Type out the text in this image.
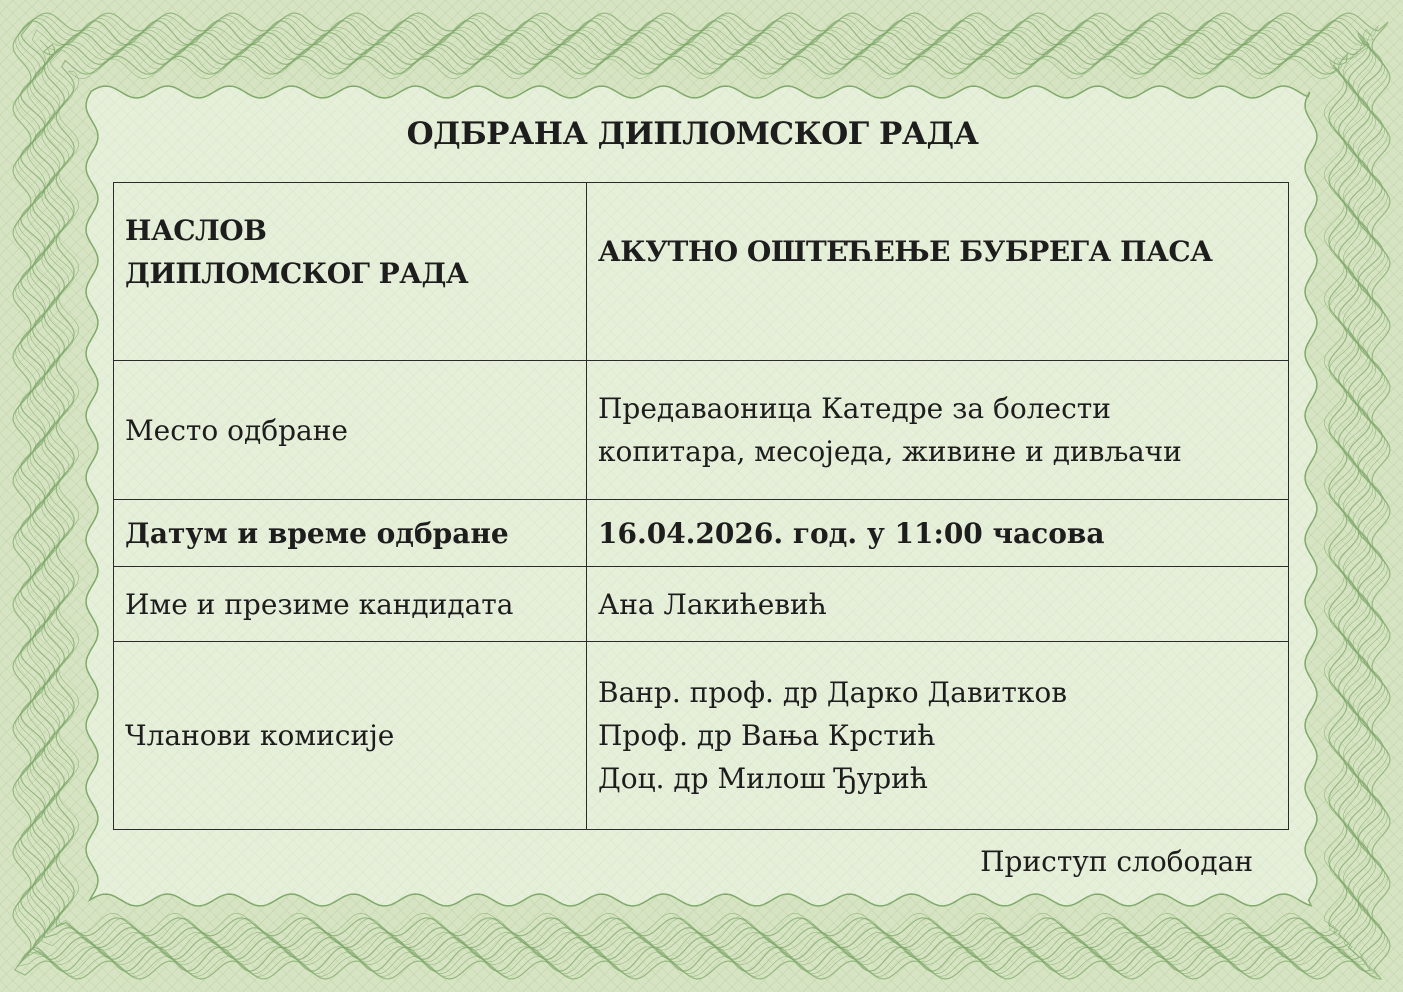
ОДБРАНА ДИПЛОМСКОГ РАДА
НАСЛОВ
ДИПЛОМСКОГ РАДА	АКУТНО ОШТЕЋЕЊЕ БУБРЕГА ПАСА

Место одбране	Предаваоница Катедре за болести
копитара, месоједа, живине и дивљачи

Датум и време одбране	16.04.2026. год. у 11:00 часова

Име и презиме кандидата	Ана Лакићевић

Чланови комисије	Ванр. проф. др Дарко Давитков
Проф. др Вања Крстић
Доц. др Милош Ђурић
Приступ слободан
